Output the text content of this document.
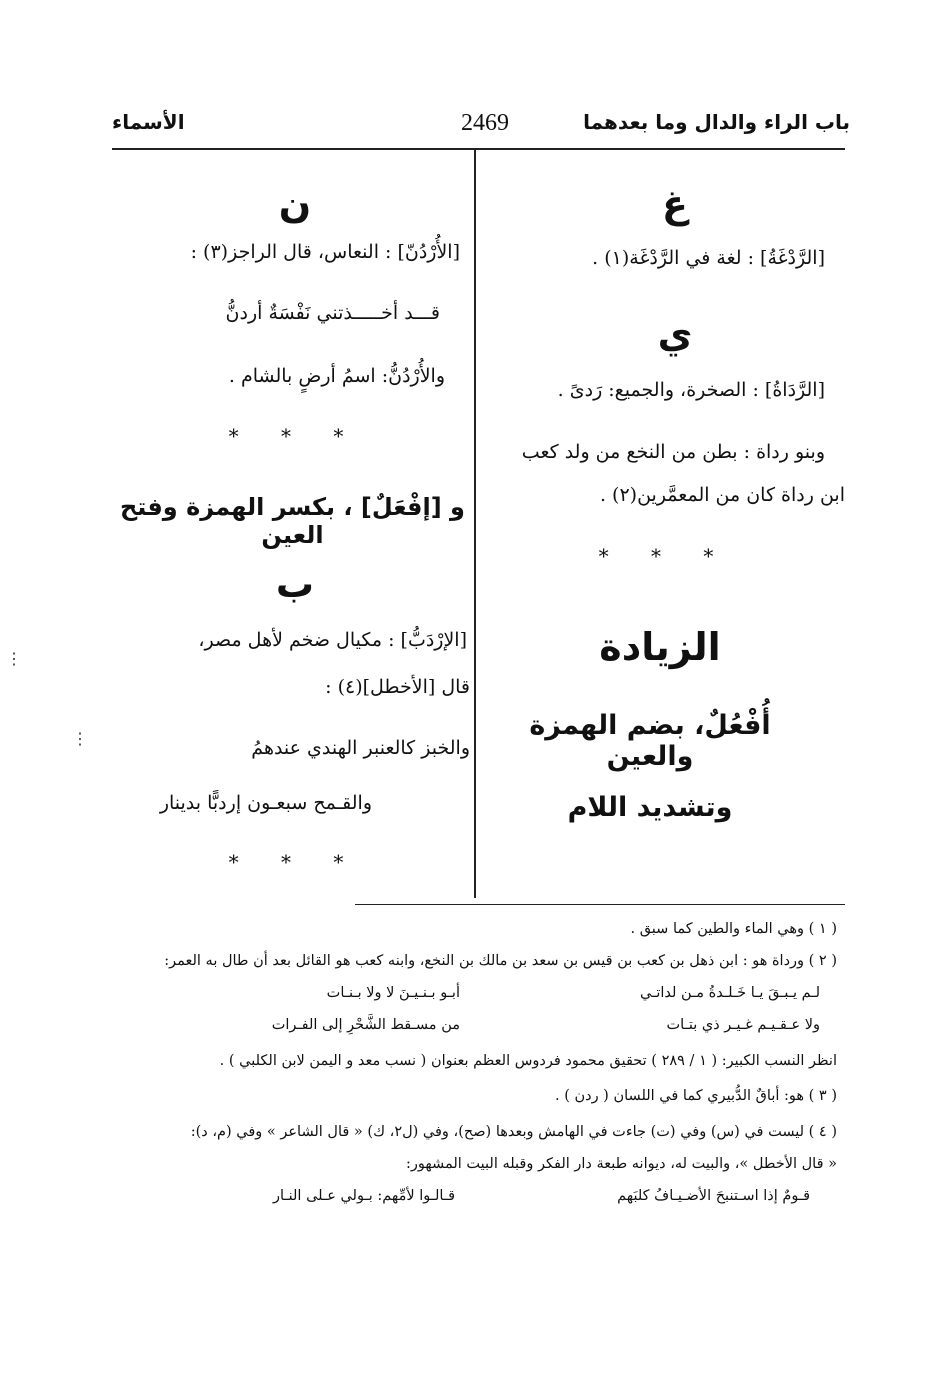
باب الراء والدال وما بعدهما
2469
الأسماء
غ
[الرَّدْغَةُ] : لغة في الرَّدْغَة(١) .
ي
[الرَّدَاةُ] : الصخرة، والجميع: رَدىً .
وبنو رداة : بطن من النخع من ولد كعب
ابن رداة كان من المعمَّرين(٢) .
* * *
الزيادة
أُفْعُلٌ، بضم الهمزة والعين
وتشديد اللام
ن
[الأُرْدُنّ] : النعاس، قال الراجز(٣) :
قـــد أخـــــذتني نَفْسَةٌ أردنُّ
والأُرْدُنُّ: اسمُ أرضٍ بالشام .
* * *
و [إفْعَلٌ] ، بكسر الهمزة وفتح العين
ب
[الإرْدَبُّ] : مكيال ضخم لأهل مصر،
قال [الأخطل](٤) :
والخبز كالعنبر الهندي عندهمُ
والقـمح سبعـون إردبًّا بدينار
* * *
⋮
⋮
( ١ ) وهي الماء والطين كما سبق .
( ٢ ) ورداة هو : ابن ذهل بن كعب بن قيس بن سعد بن مالك بن النخع، وابنه كعب هو القائل بعد أن طال به العمر:
لـم يـبـقَ يـا خَـلـدةُ مـن لداتـي
أبـو بـنـيـنَ لا ولا بـنـات
ولا عـقـيـم غـيـر ذي بتـات
من مسـقط الشَّحْرِ إلى الفـرات
انظر النسب الكبير: ( ١ / ٢٨٩ ) تحقيق محمود فردوس العظم بعنوان ( نسب معد و اليمن لابن الكلبي ) .
( ٣ ) هو: أباقٌ الدُّبيري كما في اللسان ( ردن ) .
( ٤ ) ليست في (س) وفي (ت) جاءت في الهامش وبعدها (صح)، وفي (ل٢، ك) « قال الشاعر » وفي (م، د):
« قال الأخطل »، والبيت له، ديوانه طبعة دار الفكر وقبله البيت المشهور:
قـومٌ إذا اسـتنبحَ الأضـيـافُ كلبَهم
قـالـوا لأمِّهم: بـولي عـلى النـار
